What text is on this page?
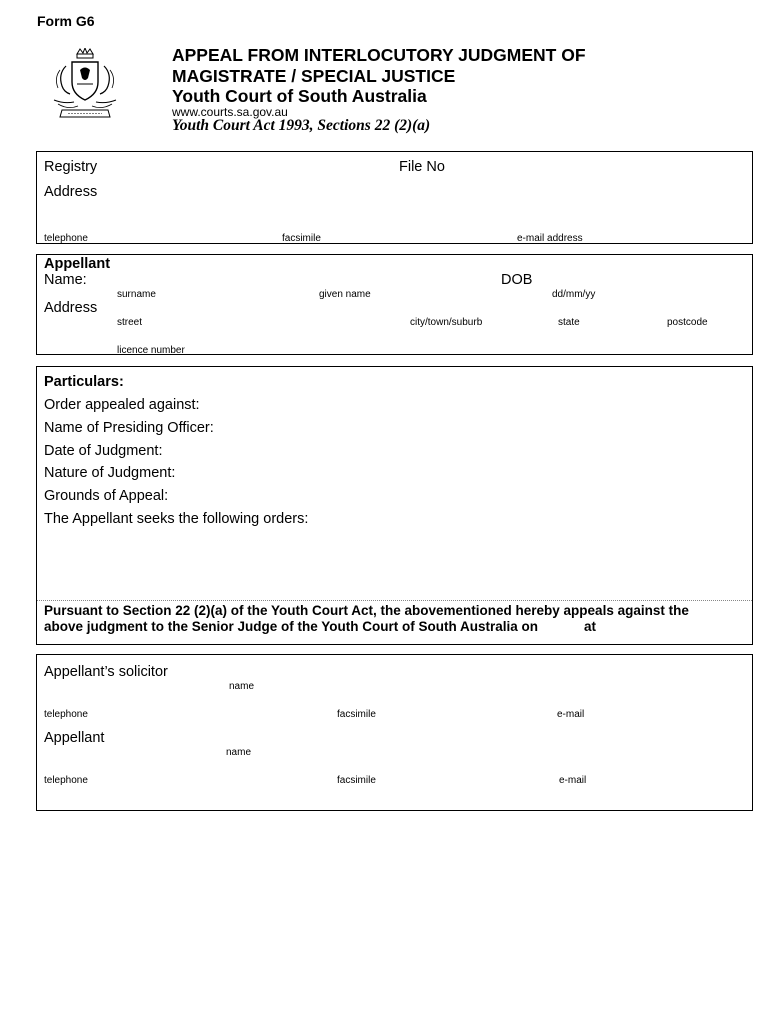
Form G6
APPEAL FROM INTERLOCUTORY JUDGMENT OF
MAGISTRATE / SPECIAL JUSTICE
Youth Court of South Australia
www.courts.sa.gov.au
Youth Court Act 1993, Sections 22 (2)(a)
Registry	File No
Address
telephone	facsimile	e-mail address
Appellant
Name:	DOB
surname	given name	dd/mm/yy
Address
street	city/town/suburb	state	postcode
licence number
Particulars:
Order appealed against:
Name of Presiding Officer:
Date of Judgment:
Nature of Judgment:
Grounds of Appeal:
The Appellant seeks the following orders:
Pursuant to Section 22 (2)(a) of the Youth Court Act, the abovementioned hereby appeals against the
above judgment to the Senior Judge of the Youth Court of South Australia on	at
Appellant’s solicitor
name
telephone	facsimile	e-mail
Appellant
name
telephone	facsimile	e-mail
